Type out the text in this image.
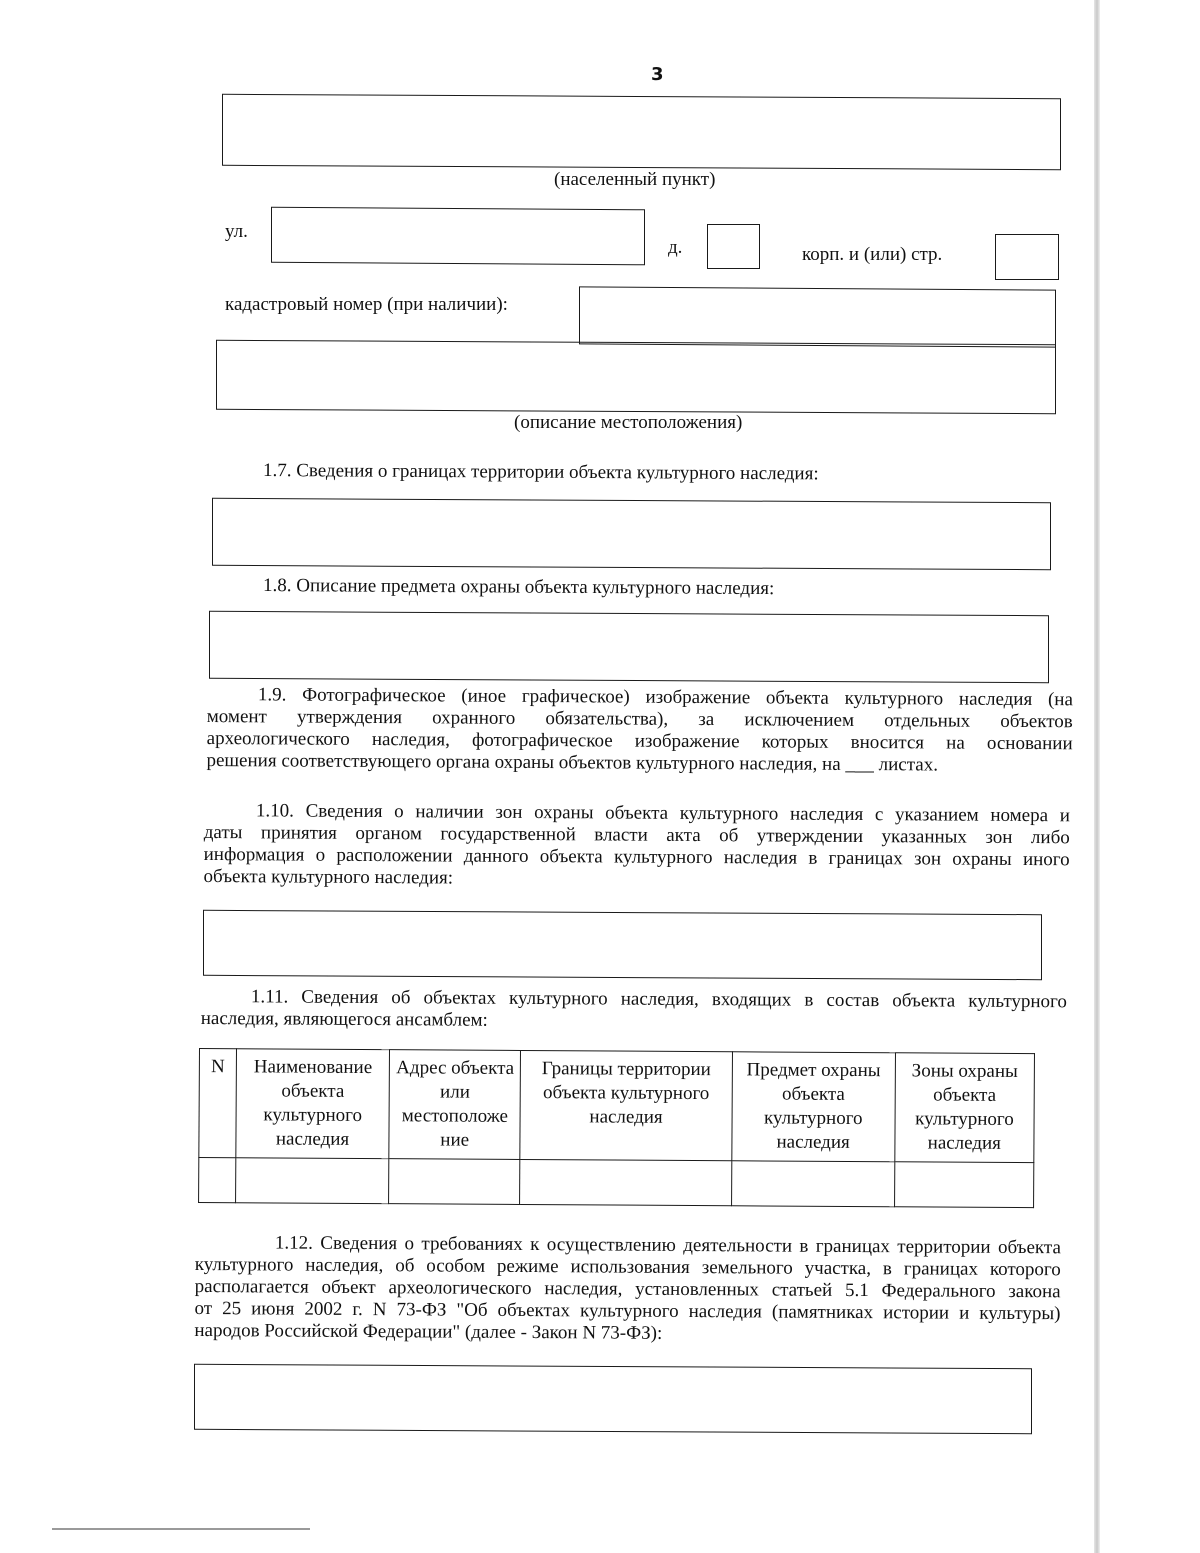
3
(населенный пункт)
ул.
д.	корп. и (или) стр.
кадастровый номер (при наличии):
(описание местоположения)
1.7. Сведения о границах территории объекта культурного наследия:
1.8. Описание предмета охраны объекта культурного наследия:
1.9. Фотографическое (иное графическое) изображение объекта культурного наследия (на
момент утверждения охранного обязательства), за исключением отдельных объектов
археологического наследия, фотографическое изображение которых вносится на основании
решения соответствующего органа охраны объектов культурного наследия, на ___ листах.
1.10. Сведения о наличии зон охраны объекта культурного наследия с указанием номера и
даты принятия органом государственной власти акта об утверждении указанных зон либо
информация о расположении данного объекта культурного наследия в границах зон охраны иного
объекта культурного наследия:
1.11. Сведения об объектах культурного наследия, входящих в состав объекта культурного
наследия, являющегося ансамблем:
N	Наименование объекта культурного наследия	Адрес объекта или местоположе ние	Границы территории объекта культурного наследия	Предмет охраны объекта культурного наследия	Зоны охраны объекта культурного наследия

1.12. Сведения о требованиях к осуществлению деятельности в границах территории объекта
культурного наследия, об особом режиме использования земельного участка, в границах которого
располагается объект археологического наследия, установленных статьей 5.1 Федерального закона
от 25 июня 2002 г. N 73-ФЗ "Об объектах культурного наследия (памятниках истории и культуры)
народов Российской Федерации" (далее - Закон N 73-ФЗ):
